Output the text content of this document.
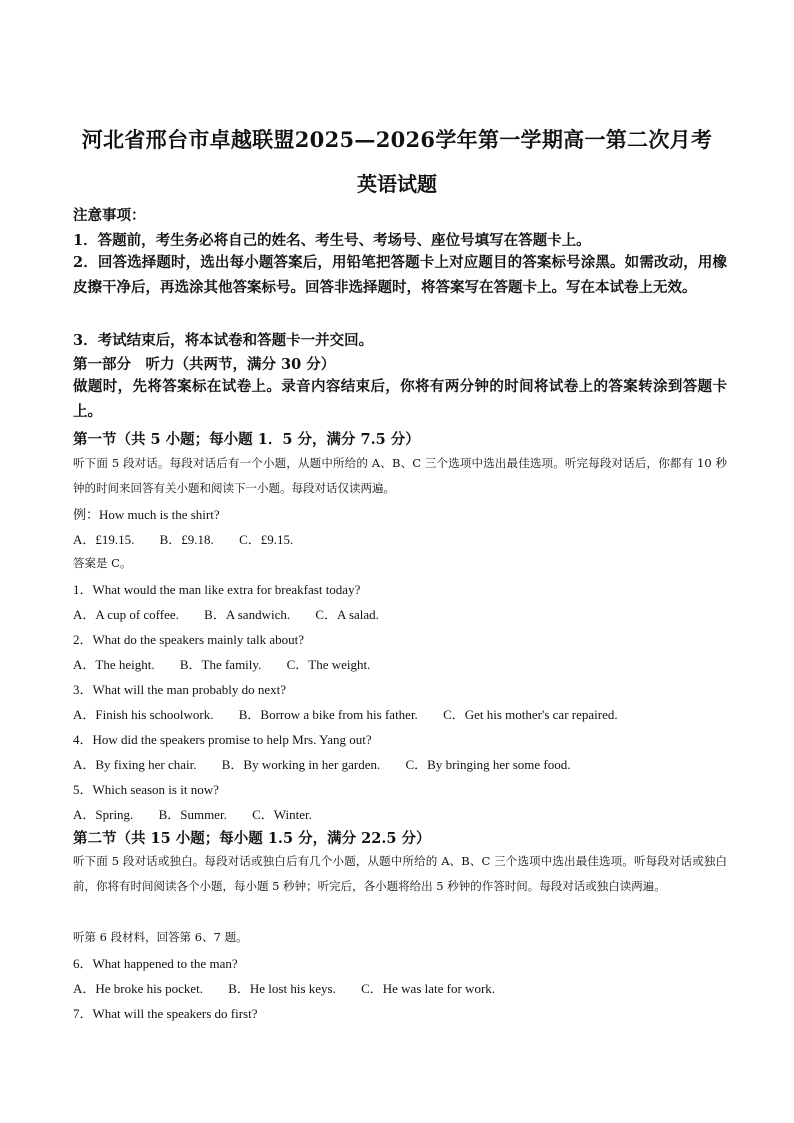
河北省邢台市卓越联盟2025—2026学年第一学期高一第二次月考
英语试题
注意事项：
1．答题前，考生务必将自己的姓名、考生号、考场号、座位号填写在答题卡上。
2．回答选择题时，选出每小题答案后，用铅笔把答题卡上对应题目的答案标号涂黑。如需改动，用橡皮擦干净后，再选涂其他答案标号。回答非选择题时，将答案写在答题卡上。写在本试卷上无效。
3．考试结束后，将本试卷和答题卡一并交回。
第一部分　听力（共两节，满分 30 分）
做题时，先将答案标在试卷上。录音内容结束后，你将有两分钟的时间将试卷上的答案转涂到答题卡上。
第一节（共 5 小题；每小题 1．5 分，满分 7.5 分）
听下面 5 段对话。每段对话后有一个小题，从题中所给的 A、B、C 三个选项中选出最佳选项。听完每段对话后，你都有 10 秒钟的时间来回答有关小题和阅读下一小题。每段对话仅读两遍。
例：How much is the shirt?
A．£19.15. B．£9.18. C．£9.15.
答案是 C。
1．What would the man like extra for breakfast today?
A．A cup of coffee. B．A sandwich. C．A salad.
2．What do the speakers mainly talk about?
A．The height. B．The family. C．The weight.
3．What will the man probably do next?
A．Finish his schoolwork. B．Borrow a bike from his father. C．Get his mother's car repaired.
4．How did the speakers promise to help Mrs. Yang out?
A．By fixing her chair. B．By working in her garden. C．By bringing her some food.
5．Which season is it now?
A．Spring. B．Summer. C．Winter.
第二节（共 15 小题；每小题 1.5 分，满分 22.5 分）
听下面 5 段对话或独白。每段对话或独白后有几个小题，从题中所给的 A、B、C 三个选项中选出最佳选项。听每段对话或独白前，你将有时间阅读各个小题，每小题 5 秒钟；听完后，各小题将给出 5 秒钟的作答时间。每段对话或独白读两遍。
听第 6 段材料，回答第 6、7 题。
6．What happened to the man?
A．He broke his pocket. B．He lost his keys. C．He was late for work.
7．What will the speakers do first?
